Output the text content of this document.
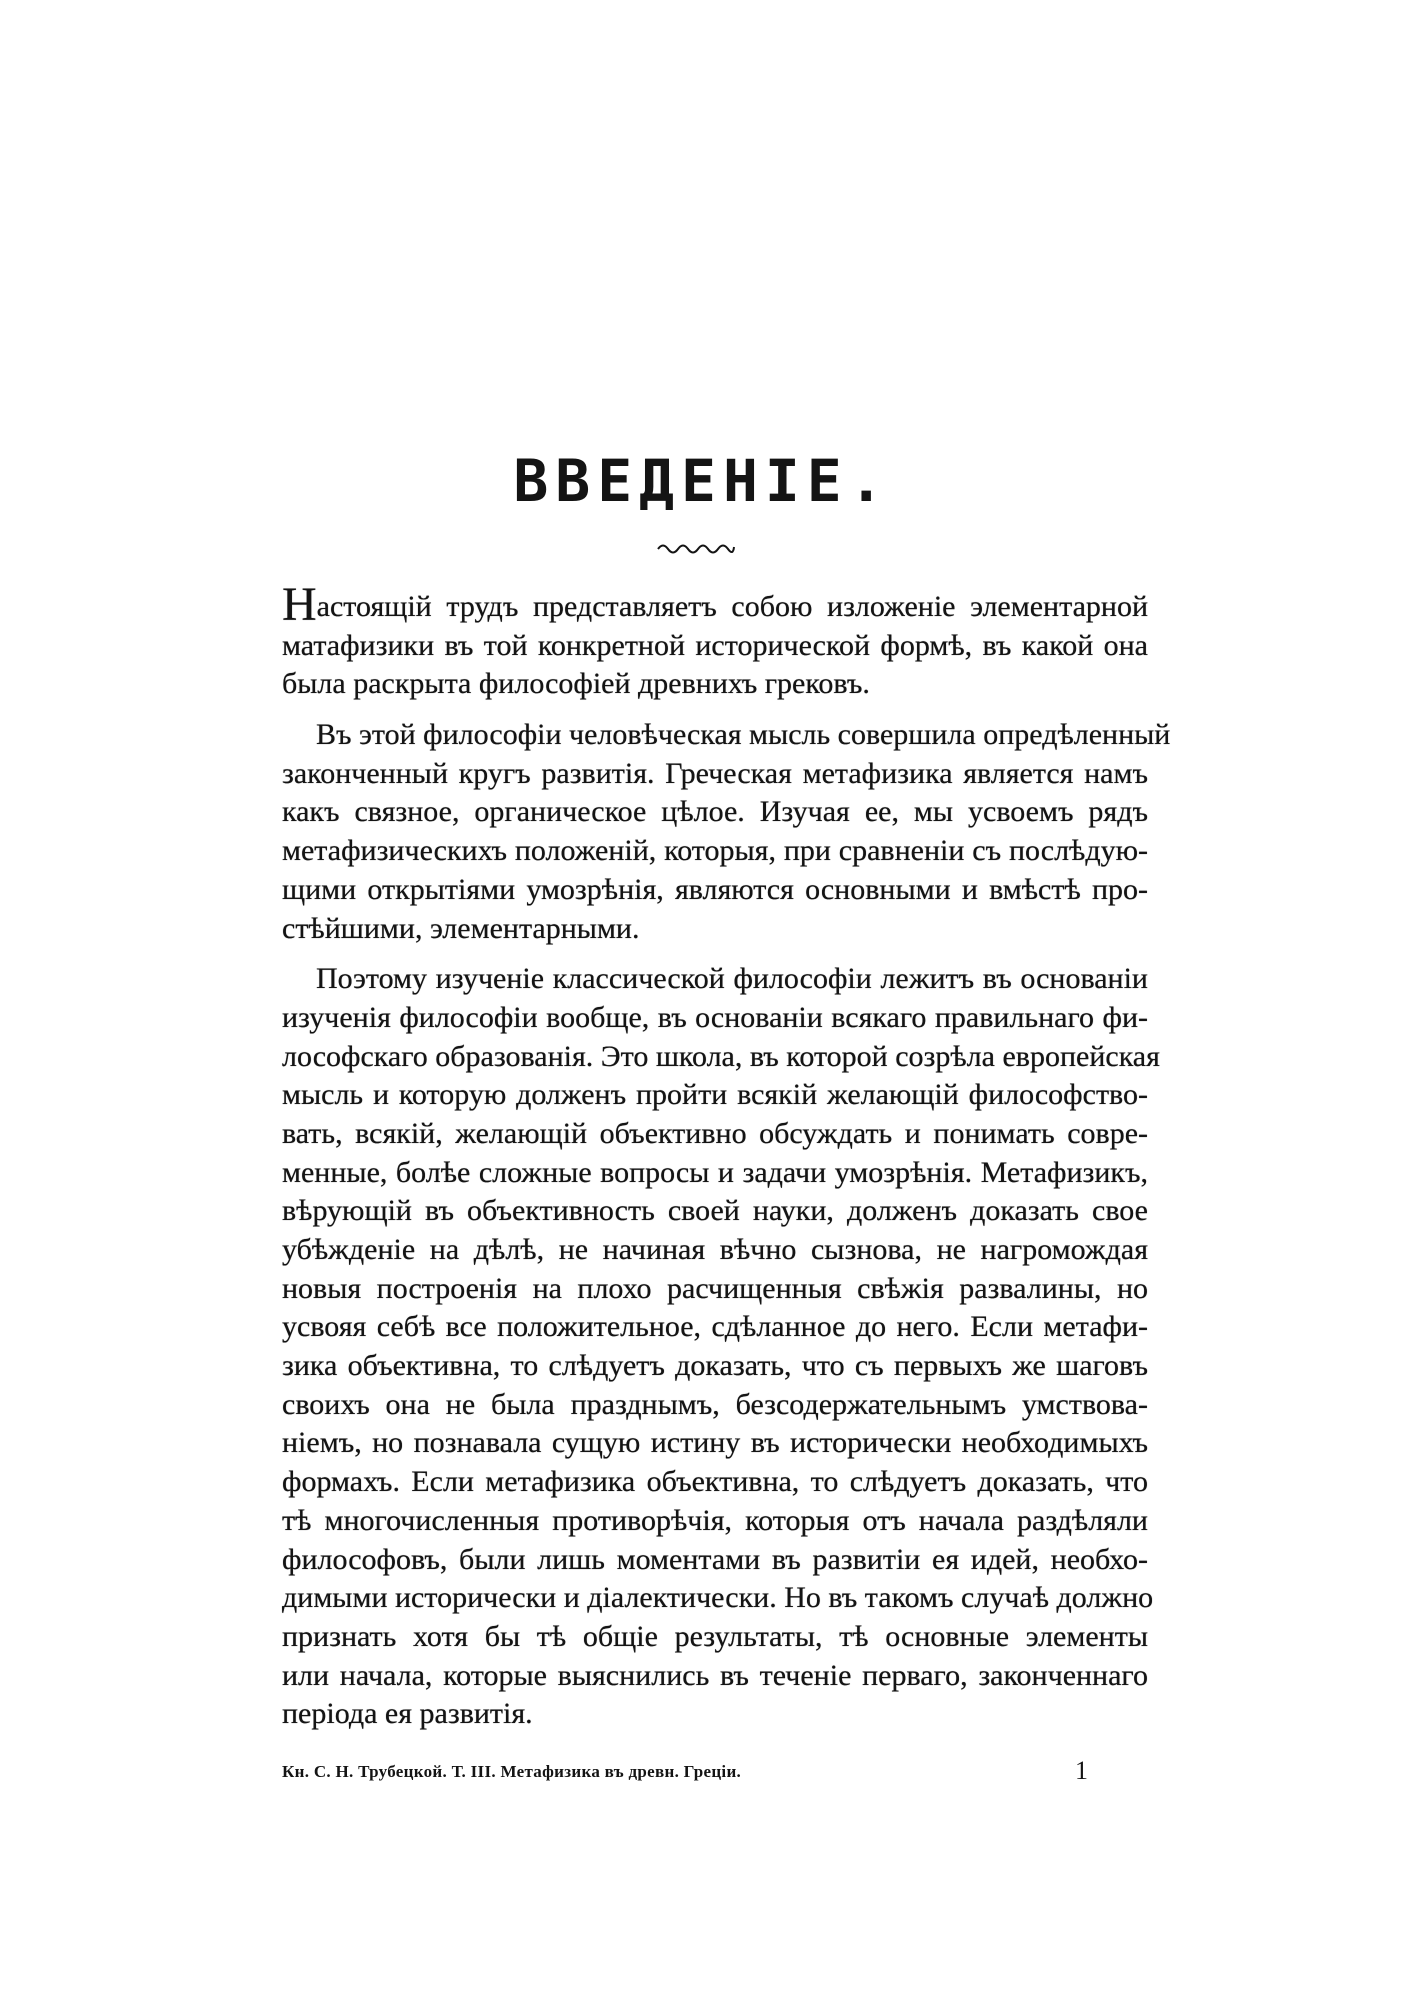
ВВЕДЕНІЕ.
Настоящій трудъ представляетъ собою изложеніе элементарной
матафизики въ той конкретной исторической формѣ, въ какой она
была раскрыта философіей древнихъ грековъ.
Въ этой философіи человѣческая мысль совершила опредѣленный
законченный кругъ развитія. Греческая метафизика является намъ
какъ связное, органическое цѣлое. Изучая ее, мы усвоемъ рядъ
метафизическихъ положеній, которыя, при сравненіи съ послѣдую-
щими открытіями умозрѣнія, являются основными и вмѣстѣ про-
стѣйшими, элементарными.
Поэтому изученіе классической философіи лежитъ въ основаніи
изученія философіи вообще, въ основаніи всякаго правильнаго фи-
лософскаго образованія. Это школа, въ которой созрѣла европейская
мысль и которую долженъ пройти всякій желающій философство-
вать, всякій, желающій объективно обсуждать и понимать совре-
менные, болѣе сложные вопросы и задачи умозрѣнія. Метафизикъ,
вѣрующій въ объективность своей науки, долженъ доказать свое
убѣжденіе на дѣлѣ, не начиная вѣчно сызнова, не нагромождая
новыя построенія на плохо расчищенныя свѣжія развалины, но
усвояя себѣ все положительное, сдѣланное до него. Если метафи-
зика объективна, то слѣдуетъ доказать, что съ первыхъ же шаговъ
своихъ она не была празднымъ, безсодержательнымъ умствова-
ніемъ, но познавала сущую истину въ исторически необходимыхъ
формахъ. Если метафизика объективна, то слѣдуетъ доказать, что
тѣ многочисленныя противорѣчія, которыя отъ начала раздѣляли
философовъ, были лишь моментами въ развитіи ея идей, необхо-
димыми исторически и діалектически. Но въ такомъ случаѣ должно
признать хотя бы тѣ общіе результаты, тѣ основные элементы
или начала, которые выяснились въ теченіе перваго, законченнаго
періода ея развитія.
Кн. С. Н. Трубецкой. Т. III. Метафизика въ древн. Греціи.	1
